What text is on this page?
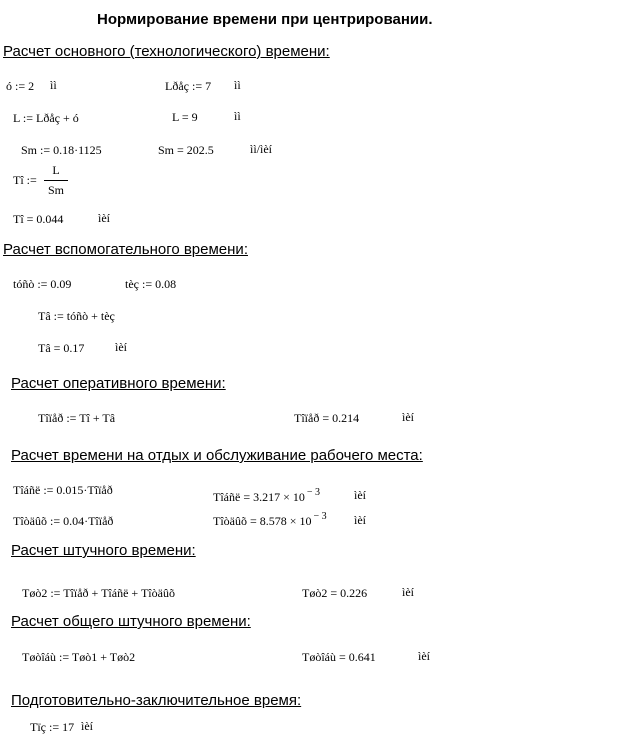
Нормирование времени при центрировании.
Расчет основного (технологического) времени:
ó := 2 ìì	Lðåç := 7 ìì
L := Lðåç + ó	L = 9	ìì
Sm := 0.18·1125	Sm = 202.5	ìì/ìèí
Tî :=
L
Sm
Tî = 0.044	ìèí
Расчет вспомогательного времени:
tóñò := 0.09	tèç := 0.08
Tâ := tóñò + tèç
Tâ = 0.17	ìèí
Расчет оперативного времени:
Tîïåð := Tî + Tâ	Tîïåð = 0.214	ìèí
Расчет времени на отдых и обслуживание рабочего места:
Tîáñë := 0.015·Tîïåð	Tîáñë = 3.217 × 10 $^{- 3}$	ìèí
Tîòäûõ := 0.04·Tîïåð	Tîòäûõ = 8.578 × 10 $^{- 3}$ ìèí
Расчет штучного времени:
Tøò2 := Tîïåð + Tîáñë + Tîòäûõ	Tøò2 = 0.226	ìèí
Расчет общего штучного времени:
Tøòîáù := Tøò1 + Tøò2	Tøòîáù = 0.641	ìèí
Подготовительно-заключительное время:
Tïç := 17 ìèí
